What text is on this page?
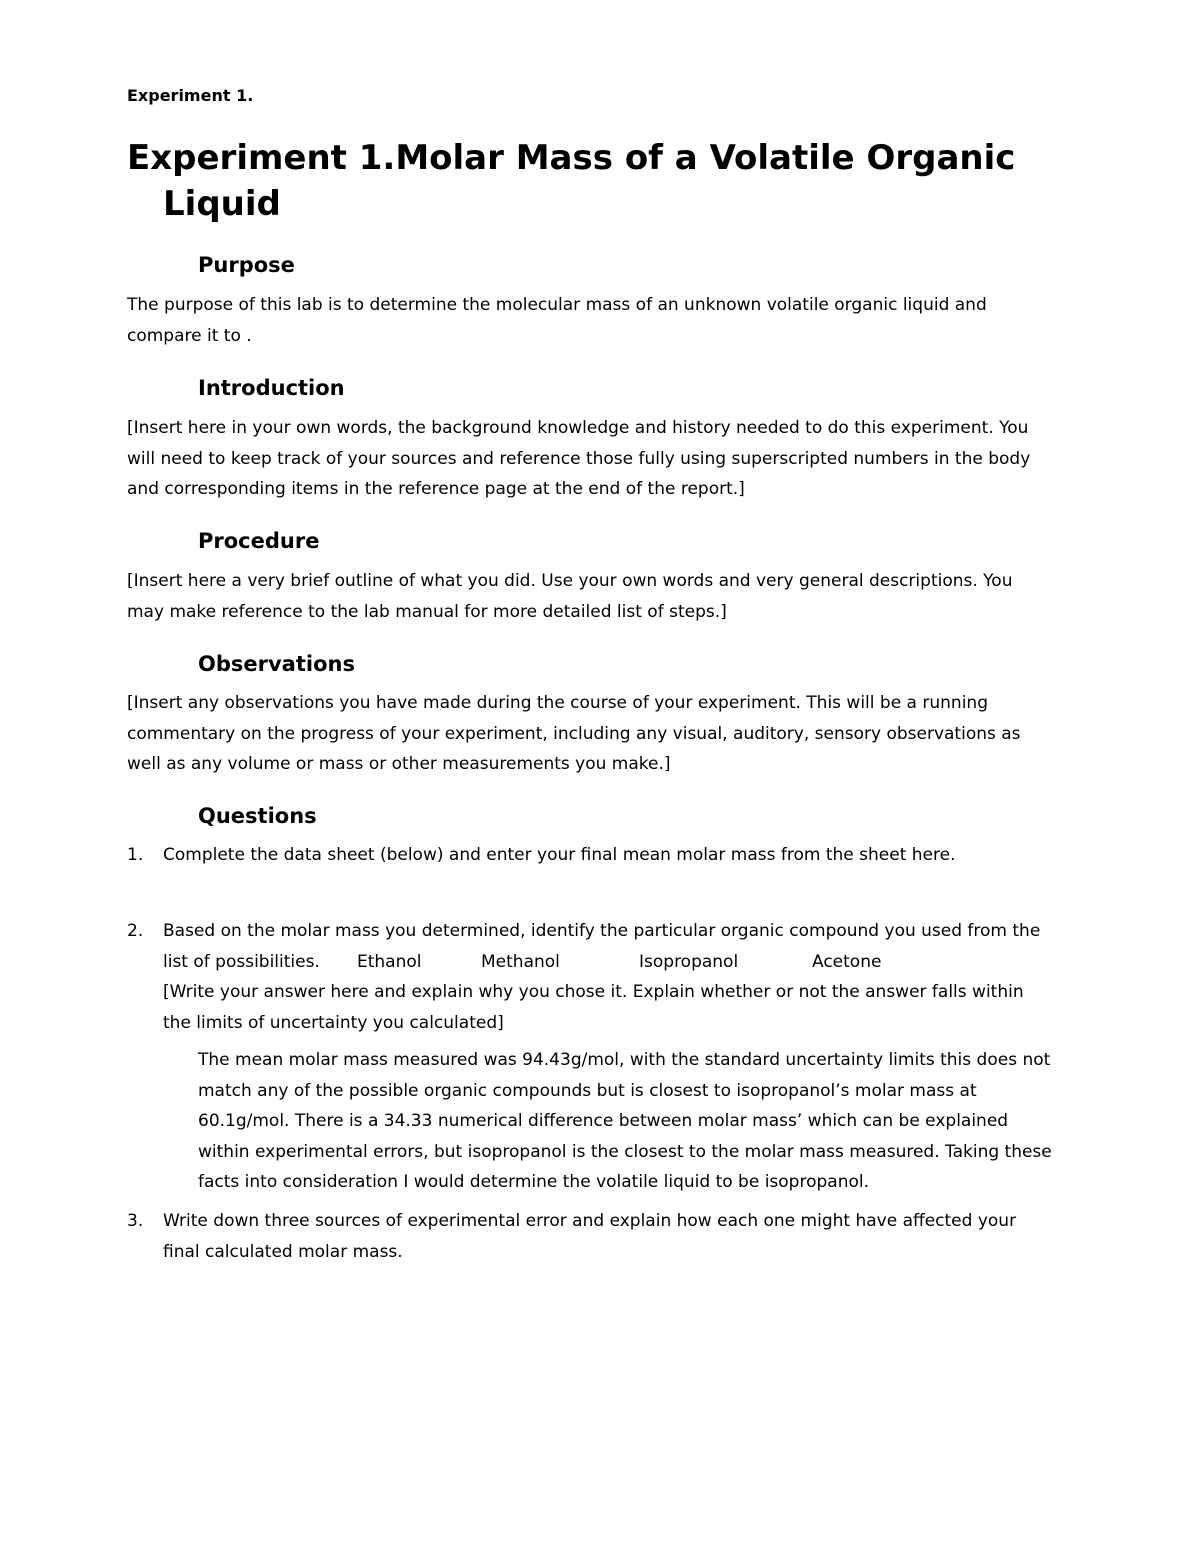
Experiment 1.
Experiment 1.Molar Mass of a Volatile Organic
Liquid
Purpose
The purpose of this lab is to determine the molecular mass of an unknown volatile organic liquid and
compare it to .
Introduction
[Insert here in your own words, the background knowledge and history needed to do this experiment. You
will need to keep track of your sources and reference those fully using superscripted numbers in the body
and corresponding items in the reference page at the end of the report.]
Procedure
[Insert here a very brief outline of what you did. Use your own words and very general descriptions. You
may make reference to the lab manual for more detailed list of steps.]
Observations
[Insert any observations you have made during the course of your experiment. This will be a running
commentary on the progress of your experiment, including any visual, auditory, sensory observations as
well as any volume or mass or other measurements you make.]
Questions
1. Complete the data sheet (below) and enter your final mean molar mass from the sheet here.
2. Based on the molar mass you determined, identify the particular organic compound you used from the
list of possibilities. Ethanol	Methanol	Isopropanol	Acetone
[Write your answer here and explain why you chose it. Explain whether or not the answer falls within
the limits of uncertainty you calculated]
The mean molar mass measured was 94.43g/mol, with the standard uncertainty limits this does not
match any of the possible organic compounds but is closest to isopropanol’s molar mass at
60.1g/mol. There is a 34.33 numerical difference between molar mass’ which can be explained
within experimental errors, but isopropanol is the closest to the molar mass measured. Taking these
facts into consideration I would determine the volatile liquid to be isopropanol.
3. Write down three sources of experimental error and explain how each one might have affected your
final calculated molar mass.
